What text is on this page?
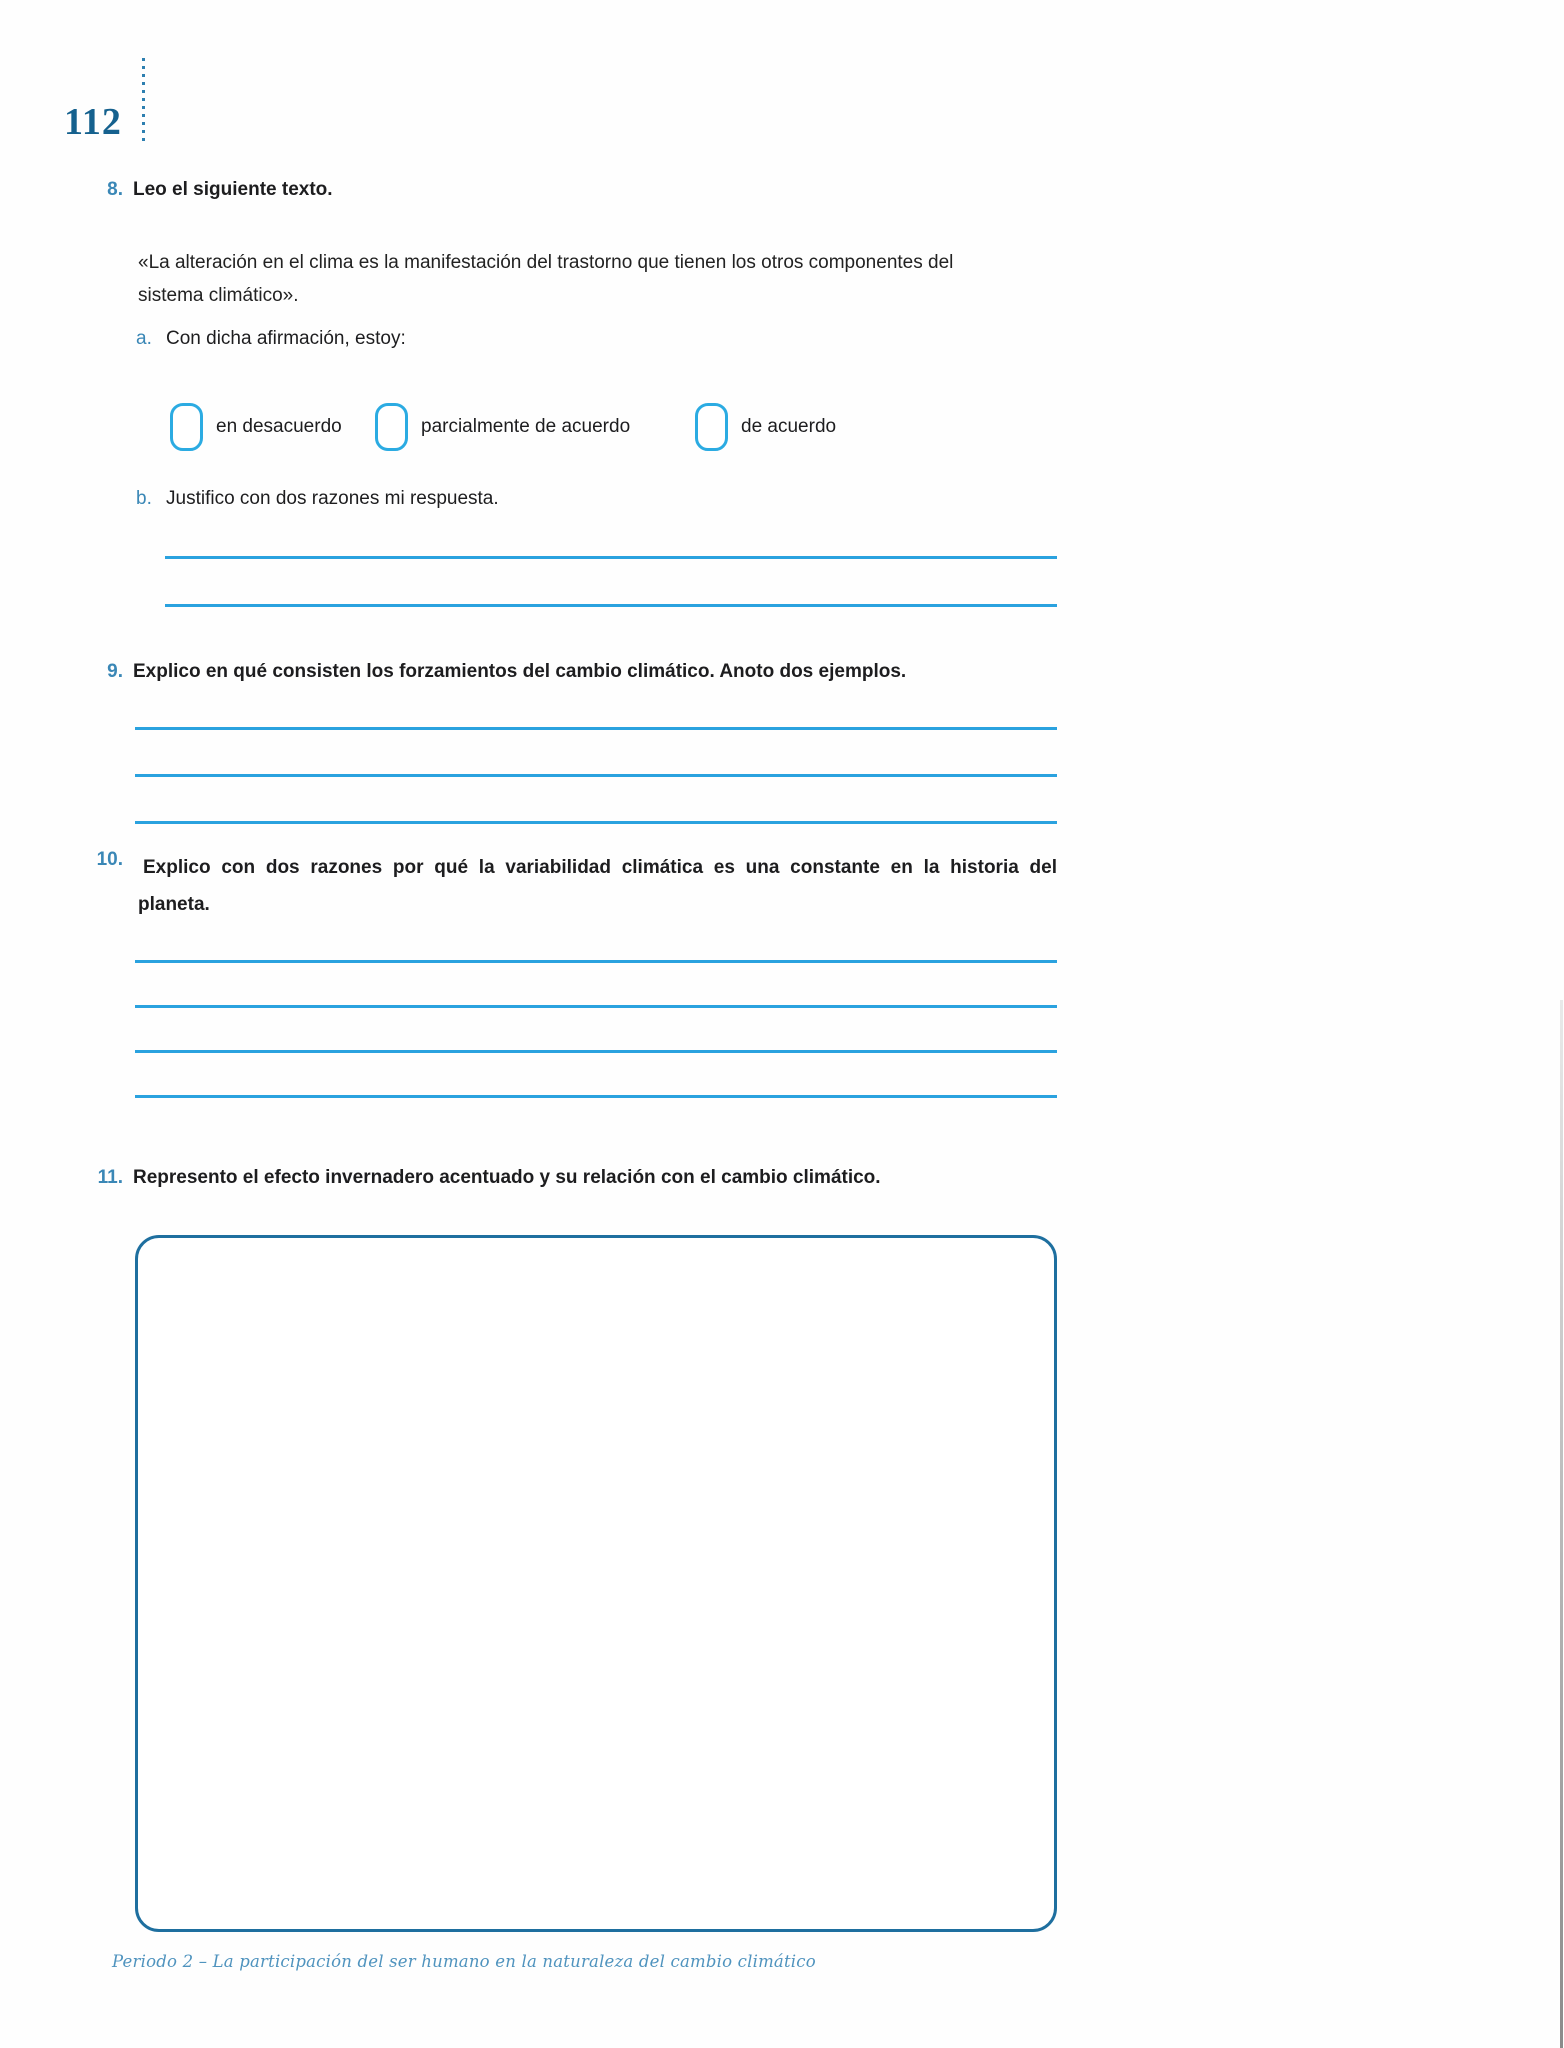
112
8. Leo el siguiente texto.
«La alteración en el clima es la manifestación del trastorno que tienen los otros componentes del
sistema climático».
a. Con dicha afirmación, estoy:
en desacuerdo	parcialmente de acuerdo	de acuerdo
b. Justifico con dos razones mi respuesta.
9. Explico en qué consisten los forzamientos del cambio climático. Anoto dos ejemplos.
10.	Explico con dos razones por qué la variabilidad climática es una constante en la historia del
planeta.
11. Represento el efecto invernadero acentuado y su relación con el cambio climático.
Periodo 2 – La participación del ser humano en la naturaleza del cambio climático
